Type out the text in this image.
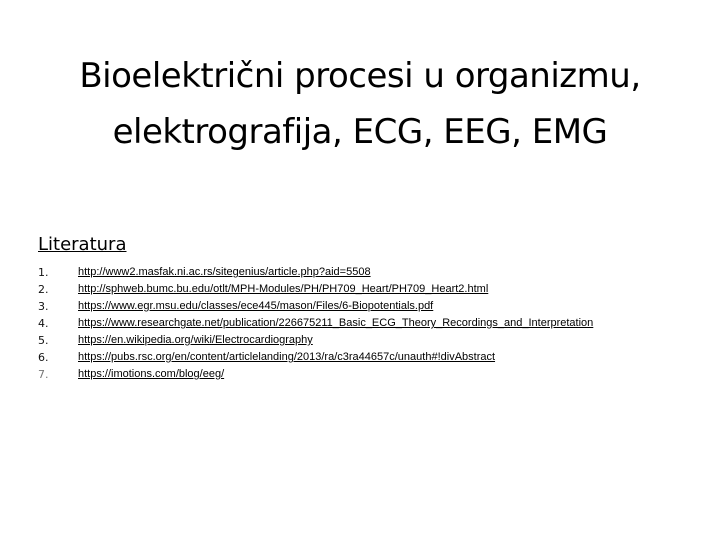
Bioelektrični procesi u organizmu, elektrografija, ECG, EEG, EMG
Literatura
1.	http://www2.masfak.ni.ac.rs/sitegenius/article.php?aid=5508
2.	http://sphweb.bumc.bu.edu/otlt/MPH-Modules/PH/PH709_Heart/PH709_Heart2.html
3.	https://www.egr.msu.edu/classes/ece445/mason/Files/6-Biopotentials.pdf
4.	https://www.researchgate.net/publication/226675211_Basic_ECG_Theory_Recordings_and_Interpretation
5.	https://en.wikipedia.org/wiki/Electrocardiography
6.	https://pubs.rsc.org/en/content/articlelanding/2013/ra/c3ra44657c/unauth#!divAbstract
7.	https://imotions.com/blog/eeg/
